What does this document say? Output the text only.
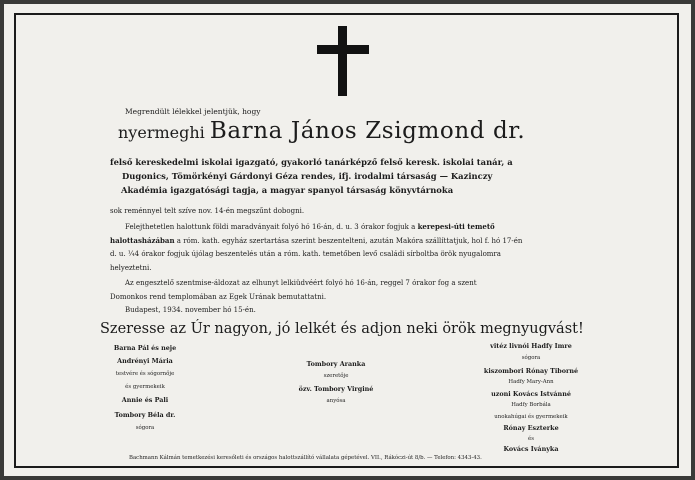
Megrendült lélekkel jelentjük, hogy
nyermeghi Barna János Zsigmond dr.
felső kereskedelmi iskolai igazgató, gyakorló tanárképző felső keresk. iskolai tanár, a
Dugonics, Tömörkényi Gárdonyi Géza rendes, ifj. irodalmi társaság — Kazinczy
Akadémia igazgatósági tagja, a magyar spanyol társaság könyvtárnoka
sok reménnyel telt szíve nov. 14-én megszűnt dobogni.
Felejthetetlen halottunk földi maradványait folyó hó 16-án, d. u. 3 órakor fogjuk a kerepesi-úti temető
halottasházában a róm. kath. egyház szertartása szerint beszentelteni, azután Makóra szállíttatjuk, hol f. hó 17-én
d. u. ¼4 órakor fogjuk újólag beszentelés után a róm. kath. temetőben levő családi sírboltba örök nyugalomra
helyeztetni.
Az engesztelő szentmise-áldozat az elhunyt lelkiüdvéért folyó hó 16-án, reggel 7 órakor fog a szent
Domonkos rend templomában az Egek Urának bemutattatni.
Budapest, 1934. november hó 15-én.
Szeresse az Úr nagyon, jó lelkét és adjon neki örök megnyugvást!
Barna Pál és neje
Andrényi Mária
testvére és sógornője
és gyermekeik
Annie és Pali
Tombory Béla dr.
sógora
Tombory Aranka
szeretője
özv. Tombory Virginé
anyósa
vitéz livnói Hadfy Imre
sógora
kiszombori Rónay Tiborné
Hadfy Mary-Ann
uzoni Kovács Istvánné
Hadfy Borbála
unokahúgai és gyermekeik
Rónay Eszterke
és
Kovács Iványka
Bachmann Kálmán temetkezési keresőleti és országos halottszállító vállalata gépetével. VII., Rákóczi-út 8/b. — Telefon: 4343-43.
